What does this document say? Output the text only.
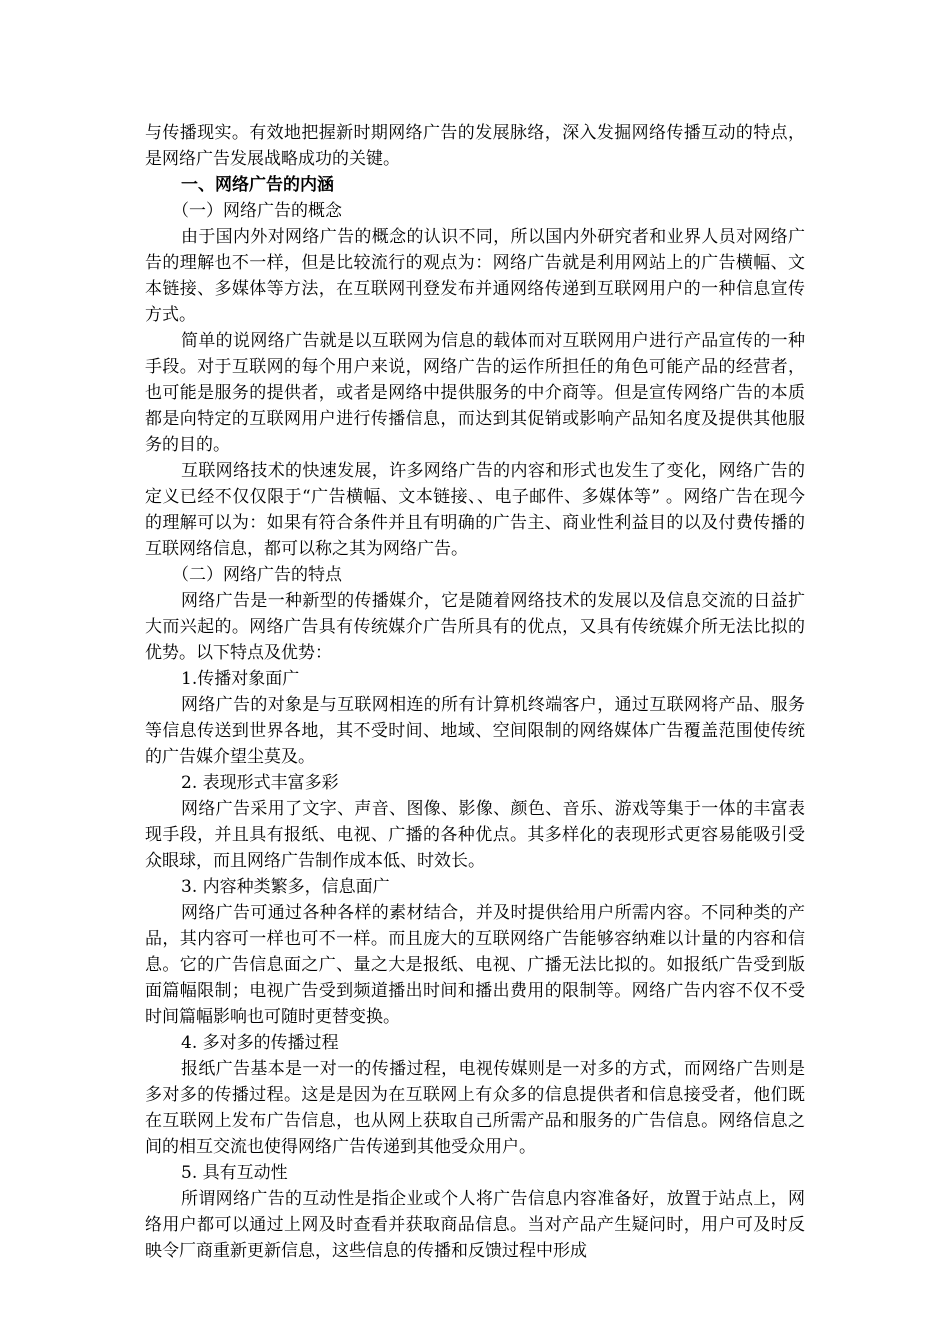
与传播现实。有效地把握新时期网络广告的发展脉络，深入发掘网络传播互动的特点，是网络广告发展战略成功的关键。

一、网络广告的内涵

（一）网络广告的概念

由于国内外对网络广告的概念的认识不同，所以国内外研究者和业界人员对网络广告的理解也不一样，但是比较流行的观点为：网络广告就是利用网站上的广告横幅、文本链接、多媒体等方法，在互联网刊登发布并通网络传递到互联网用户的一种信息宣传方式。

简单的说网络广告就是以互联网为信息的载体而对互联网用户进行产品宣传的一种手段。对于互联网的每个用户来说，网络广告的运作所担任的角色可能产品的经营者，也可能是服务的提供者，或者是网络中提供服务的中介商等。但是宣传网络广告的本质都是向特定的互联网用户进行传播信息，而达到其促销或影响产品知名度及提供其他服务的目的。

互联网络技术的快速发展，许多网络广告的内容和形式也发生了变化，网络广告的定义已经不仅仅限于“广告横幅、文本链接、、电子邮件、多媒体等” 。网络广告在现今的理解可以为：如果有符合条件并且有明确的广告主、商业性利益目的以及付费传播的互联网络信息，都可以称之其为网络广告。

（二）网络广告的特点

网络广告是一种新型的传播媒介，它是随着网络技术的发展以及信息交流的日益扩大而兴起的。网络广告具有传统媒介广告所具有的优点，又具有传统媒介所无法比拟的优势。以下特点及优势：

1.传播对象面广

网络广告的对象是与互联网相连的所有计算机终端客户，通过互联网将产品、服务等信息传送到世界各地，其不受时间、地域、空间限制的网络媒体广告覆盖范围使传统的广告媒介望尘莫及。

2. 表现形式丰富多彩

网络广告采用了文字、声音、图像、影像、颜色、音乐、游戏等集于一体的丰富表现手段，并且具有报纸、电视、广播的各种优点。其多样化的表现形式更容易能吸引受众眼球，而且网络广告制作成本低、时效长。

3. 内容种类繁多，信息面广

网络广告可通过各种各样的素材结合，并及时提供给用户所需内容。不同种类的产品，其内容可一样也可不一样。而且庞大的互联网络广告能够容纳难以计量的内容和信息。它的广告信息面之广、量之大是报纸、电视、广播无法比拟的。如报纸广告受到版面篇幅限制；电视广告受到频道播出时间和播出费用的限制等。网络广告内容不仅不受时间篇幅影响也可随时更替变换。

4. 多对多的传播过程

报纸广告基本是一对一的传播过程，电视传媒则是一对多的方式，而网络广告则是多对多的传播过程。这是是因为在互联网上有众多的信息提供者和信息接受者，他们既在互联网上发布广告信息，也从网上获取自己所需产品和服务的广告信息。网络信息之间的相互交流也使得网络广告传递到其他受众用户。

5. 具有互动性

所谓网络广告的互动性是指企业或个人将广告信息内容准备好，放置于站点上，网络用户都可以通过上网及时查看并获取商品信息。当对产品产生疑问时，用户可及时反映令厂商重新更新信息，这些信息的传播和反馈过程中形成
